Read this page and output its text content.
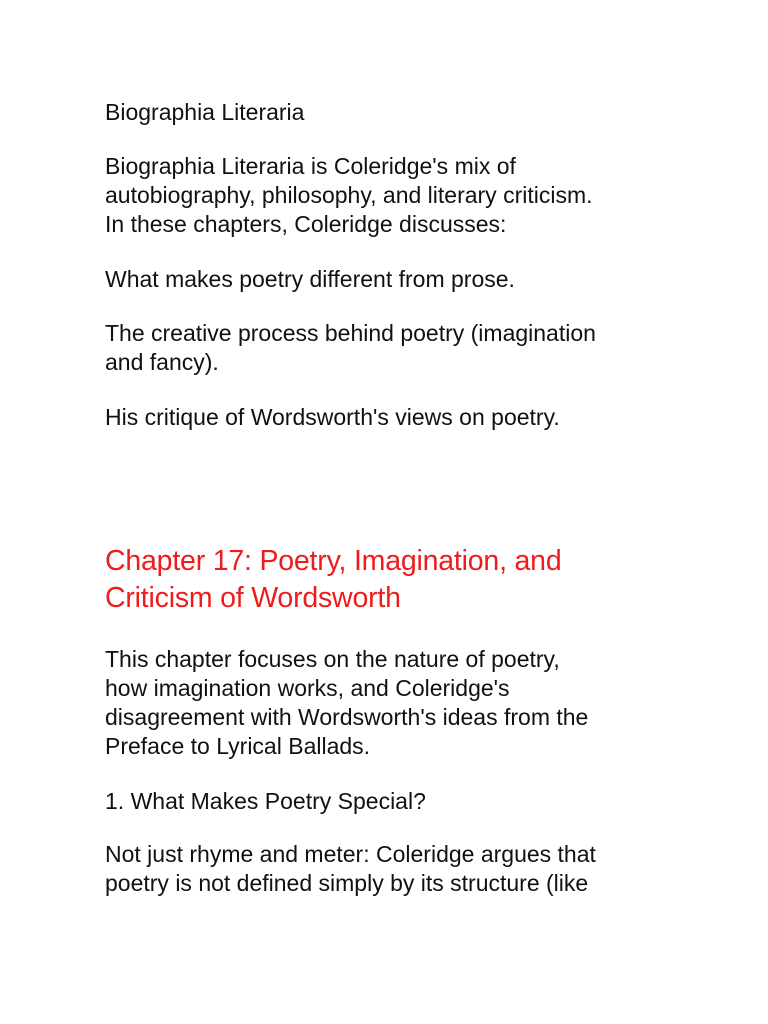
Biographia Literaria

Biographia Literaria is Coleridge's mix of
autobiography, philosophy, and literary criticism.
In these chapters, Coleridge discusses:

What makes poetry different from prose.

The creative process behind poetry (imagination
and fancy).

His critique of Wordsworth's views on poetry.

Chapter 17: Poetry, Imagination, and
Criticism of Wordsworth

This chapter focuses on the nature of poetry,
how imagination works, and Coleridge's
disagreement with Wordsworth's ideas from the
Preface to Lyrical Ballads.

1. What Makes Poetry Special?

Not just rhyme and meter: Coleridge argues that
poetry is not defined simply by its structure (like
